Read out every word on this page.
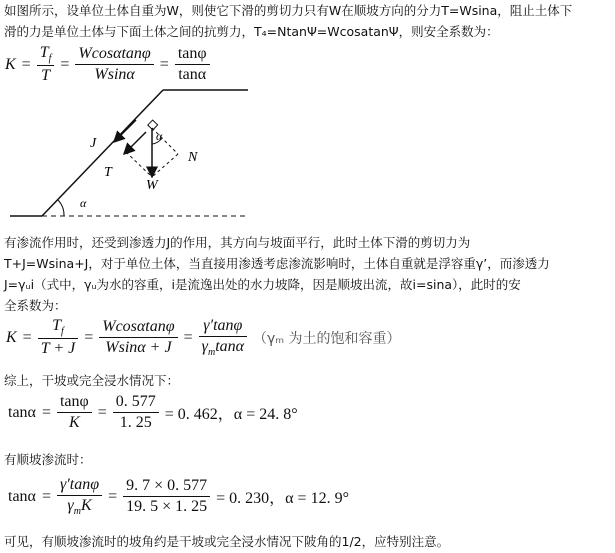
如图所示，设单位土体自重为W，则使它下滑的剪切力只有W在顺坡方向的分力T=Wsina，阻止土体下
滑的力是单位土体与下面土体之间的抗剪力，T₄=NtanΨ=WcosatanΨ，则安全系数为：
$K = \frac{T_f}{T} = \frac{Wcos\alpha\tan\varphi}{Wsin\alpha} = \frac{\tan\varphi}{\tan\alpha}$
J
T
W
N
α
α
有渗流作用时，还受到渗透力J的作用，其方向与坡面平行，此时土体下滑的剪切力为
T+J=Wsina+J，对于单位土体，当直接用渗透考虑渗流影响时，土体自重就是浮容重γ’，而渗透力
J=γᵤi（式中，γᵤ为水的容重，i是流逸出处的水力坡降，因是顺坡出流，故i=sina），此时的安
全系数为：
$K = \frac{T_f}{T + J} = \frac{Wcos\alpha\tan\varphi}{Wsin\alpha + J} = \frac{\gamma'\tan\varphi}{\gamma_m\tan\alpha} (\gamma_m$ 为土的饱和容重）
综上，干坡或完全浸水情况下：
$\tan\alpha = \frac{\tan\varphi}{K} = \frac{0. 577}{1. 25} = 0$. 462，α = 24. 8°
有顺坡渗流时：
$\tan\alpha = \frac{\gamma'\tan\varphi}{\gamma_mK} = \frac{9. 7 \times 0. 577}{19. 5 \times 1. 25} = 0$. 230，α = 12. 9°
可见，有顺坡渗流时的坡角约是干坡或完全浸水情况下陂角的1/2，应特别注意。
